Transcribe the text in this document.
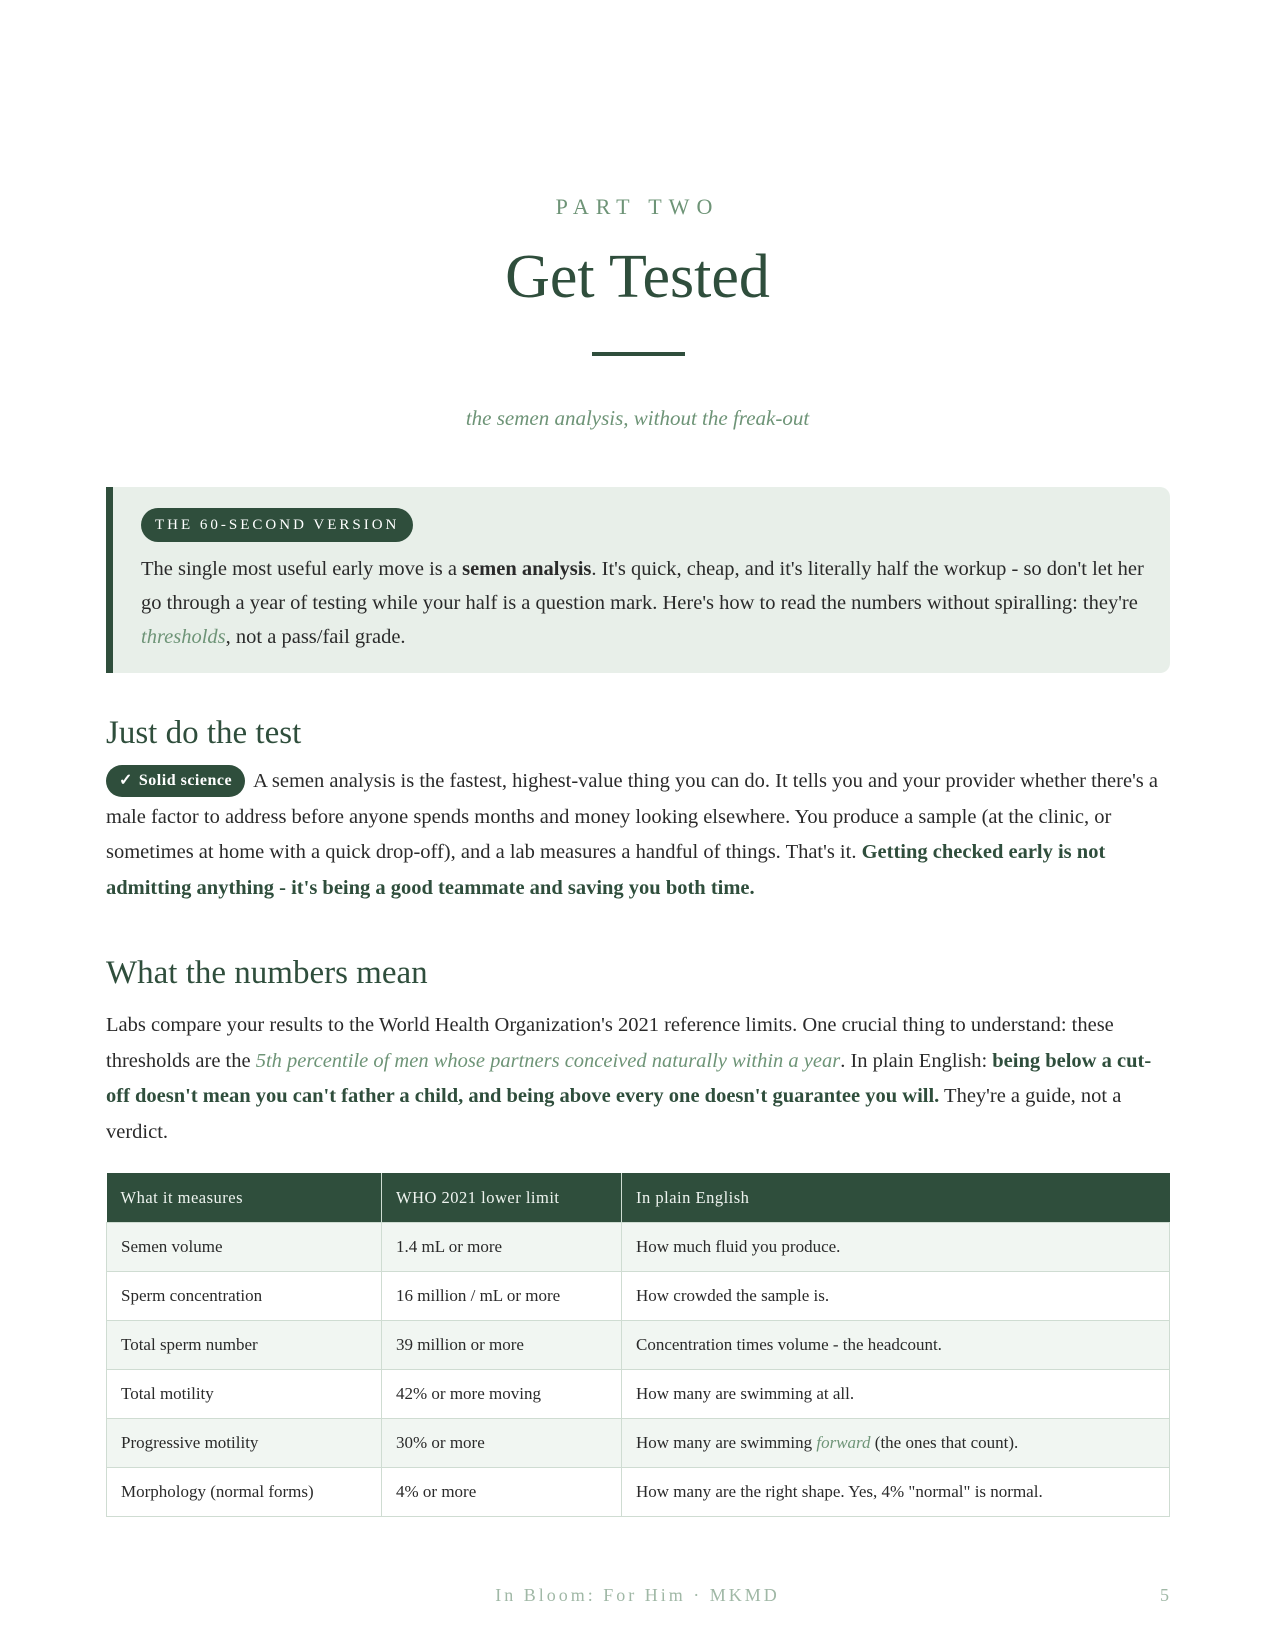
PART TWO
Get Tested
the semen analysis, without the freak-out
THE 60-SECOND VERSION
The single most useful early move is a semen analysis. It's quick, cheap, and it's literally half the workup - so don't let her go through a year of testing while your half is a question mark. Here's how to read the numbers without spiralling: they're thresholds, not a pass/fail grade.
Just do the test
✓ Solid science A semen analysis is the fastest, highest-value thing you can do. It tells you and your provider whether there's a male factor to address before anyone spends months and money looking elsewhere. You produce a sample (at the clinic, or sometimes at home with a quick drop-off), and a lab measures a handful of things. That's it. Getting checked early is not admitting anything - it's being a good teammate and saving you both time.
What the numbers mean
Labs compare your results to the World Health Organization's 2021 reference limits. One crucial thing to understand: these thresholds are the 5th percentile of men whose partners conceived naturally within a year. In plain English: being below a cut-off doesn't mean you can't father a child, and being above every one doesn't guarantee you will. They're a guide, not a verdict.
What it measures	WHO 2021 lower limit	In plain English
Semen volume	1.4 mL or more	How much fluid you produce.
Sperm concentration	16 million / mL or more	How crowded the sample is.
Total sperm number	39 million or more	Concentration times volume - the headcount.
Total motility	42% or more moving	How many are swimming at all.
Progressive motility	30% or more	How many are swimming forward (the ones that count).
Morphology (normal forms)	4% or more	How many are the right shape. Yes, 4% "normal" is normal.
In Bloom: For Him · MKMD	5
